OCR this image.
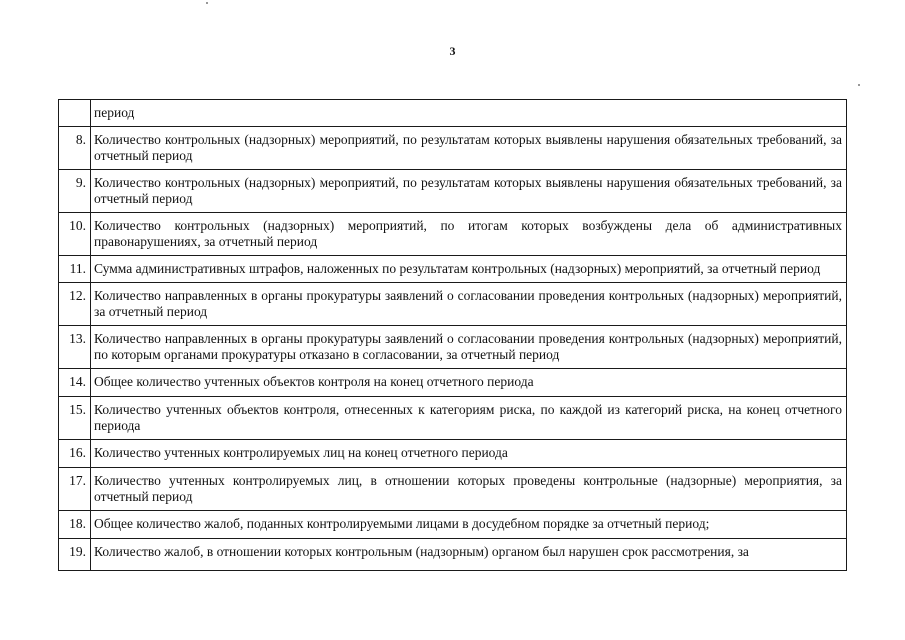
3
	период
8.	Количество контрольных (надзорных) мероприятий, по результатам которых выявлены нарушения обязательных требований, за отчетный период
9.	Количество контрольных (надзорных) мероприятий, по результатам которых выявлены нарушения обязательных требований, за отчетный период
10.	Количество контрольных (надзорных) мероприятий, по итогам которых возбуждены дела об административных правонарушениях, за отчетный период
11.	Сумма административных штрафов, наложенных по результатам контрольных (надзорных) мероприятий, за отчетный период
12.	Количество направленных в органы прокуратуры заявлений о согласовании проведения контрольных (надзорных) мероприятий, за отчетный период
13.	Количество направленных в органы прокуратуры заявлений о согласовании проведения контрольных (надзорных) мероприятий, по которым органами прокуратуры отказано в согласовании, за отчетный период
14.	Общее количество учтенных объектов контроля на конец отчетного периода
15.	Количество учтенных объектов контроля, отнесенных к категориям риска, по каждой из категорий риска, на конец отчетного периода
16.	Количество учтенных контролируемых лиц на конец отчетного периода
17.	Количество учтенных контролируемых лиц, в отношении которых проведены контрольные (надзорные) мероприятия, за отчетный период
18.	Общее количество жалоб, поданных контролируемыми лицами в досудебном порядке за отчетный период;
19.	Количество жалоб, в отношении которых контрольным (надзорным) органом был нарушен срок рассмотрения, за
